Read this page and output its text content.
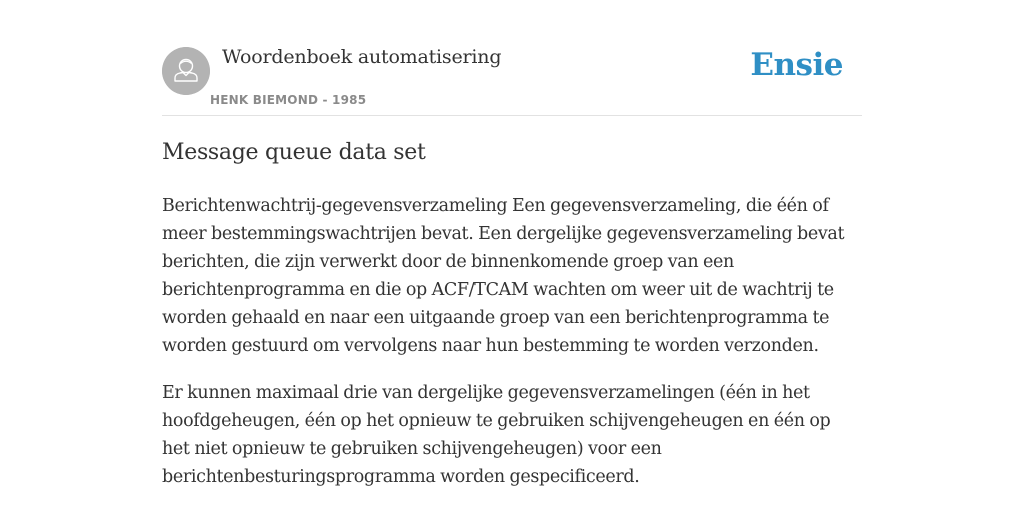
Woordenboek automatisering
HENK BIEMOND - 1985
Ensie
Message queue data set

Berichtenwachtrij-gegevensverzameling Een gegevensverzameling, die één of
meer bestemmingswachtrijen bevat. Een dergelijke gegevensverzameling bevat
berichten, die zijn verwerkt door de binnenkomende groep van een
berichtenprogramma en die op ACF/TCAM wachten om weer uit de wachtrij te
worden gehaald en naar een uitgaande groep van een berichtenprogramma te
worden gestuurd om vervolgens naar hun bestemming te worden verzonden.

Er kunnen maximaal drie van dergelijke gegevensverzamelingen (één in het
hoofdgeheugen, één op het opnieuw te gebruiken schijvengeheugen en één op
het niet opnieuw te gebruiken schijvengeheugen) voor een
berichtenbesturingsprogramma worden gespecificeerd.
